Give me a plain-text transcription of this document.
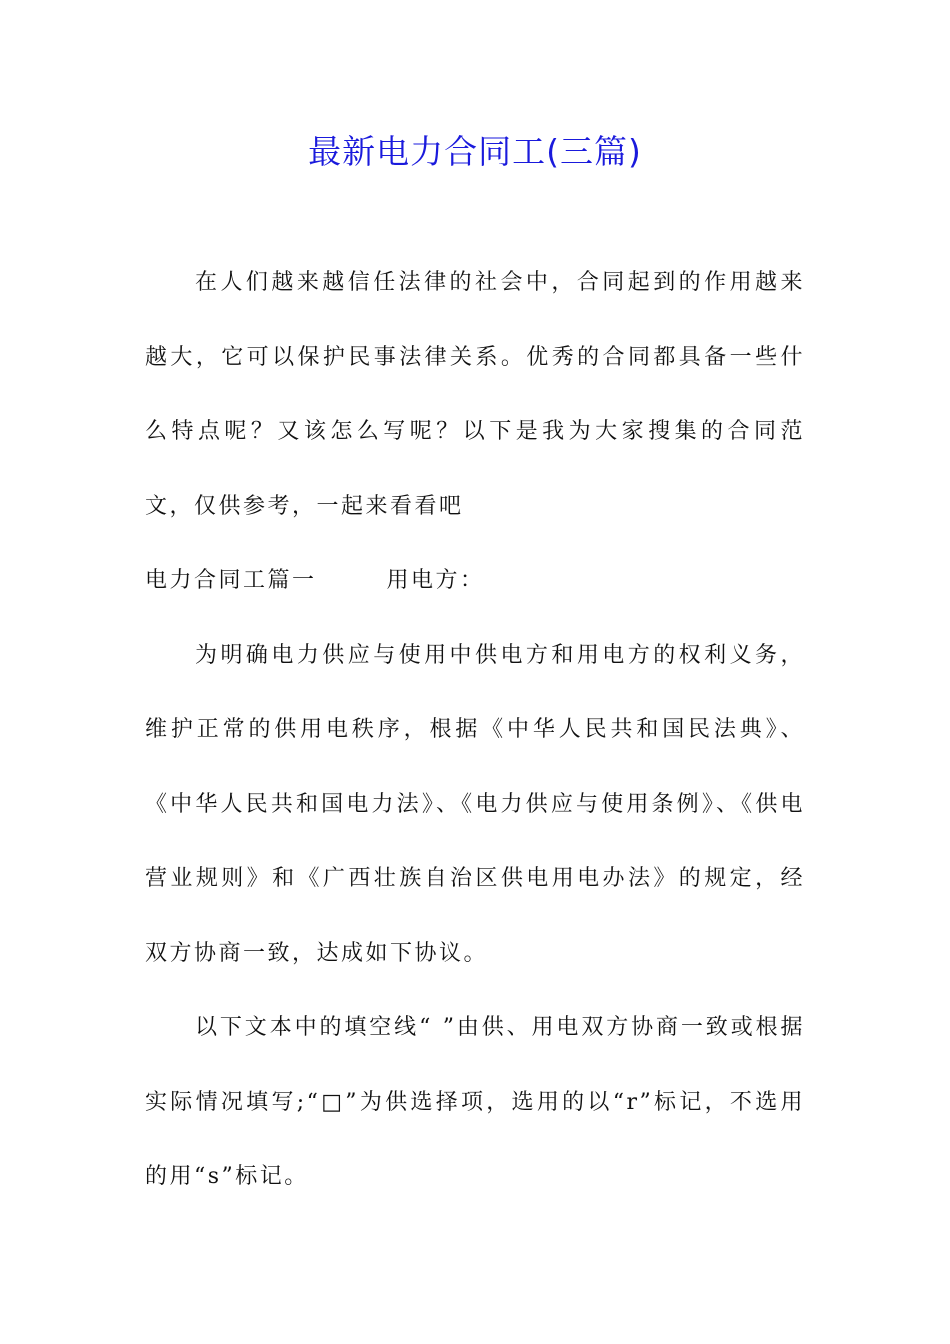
最新电力合同工(三篇)

在人们越来越信任法律的社会中，合同起到的作用越来越大，它可以保护民事法律关系。优秀的合同都具备一些什么特点呢？又该怎么写呢？以下是我为大家搜集的合同范文，仅供参考，一起来看看吧

电力合同工篇一	用电方：

为明确电力供应与使用中供电方和用电方的权利义务，维护正常的供用电秩序，根据《中华人民共和国民法典》、《中华人民共和国电力法》、《电力供应与使用条例》、《供电营业规则》和《广西壮族自治区供电用电办法》的规定，经双方协商一致，达成如下协议。

以下文本中的填空线“ ”由供、用电双方协商一致或根据实际情况填写;“□”为供选择项，选用的以“r”标记，不选用的用“s”标记。
